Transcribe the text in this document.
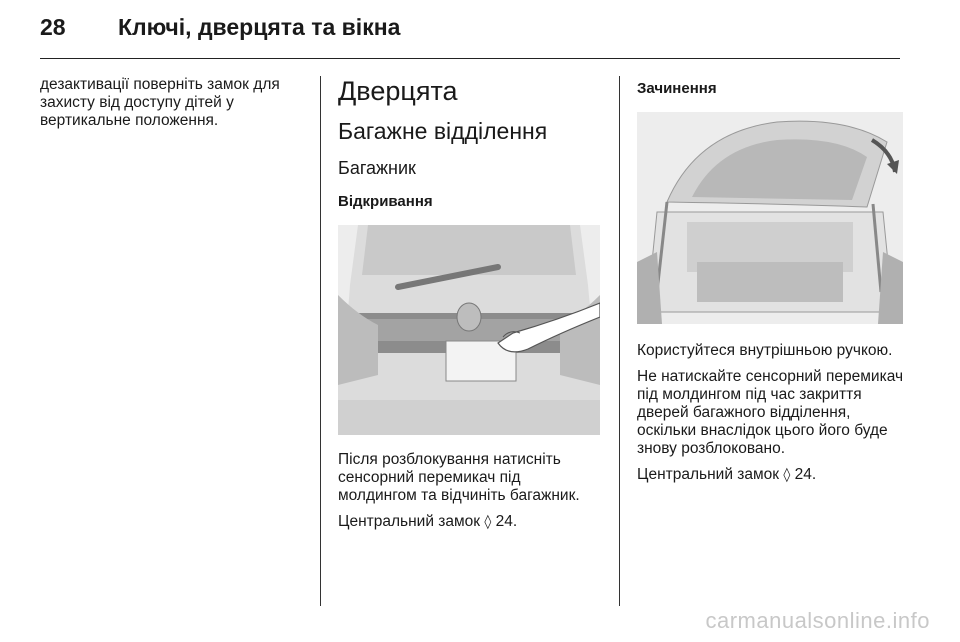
28 Ключі, дверцята та вікна

дезактивації поверніть замок для захисту від доступу дітей у вертикальне положення.

Дверцята
Багажне відділення
Багажник
Відкривання

Після розблокування натисніть сенсорний перемикач під молдингом та відчиніть багажник.

Центральний замок ◊ 24.

Зачинення

Користуйтеся внутрішньою ручкою.

Не натискайте сенсорний перемикач під молдингом під час закриття дверей багажного відділення, оскільки внаслідок цього його буде знову розблоковано.

Центральний замок ◊ 24.

carmanualsonline.info
